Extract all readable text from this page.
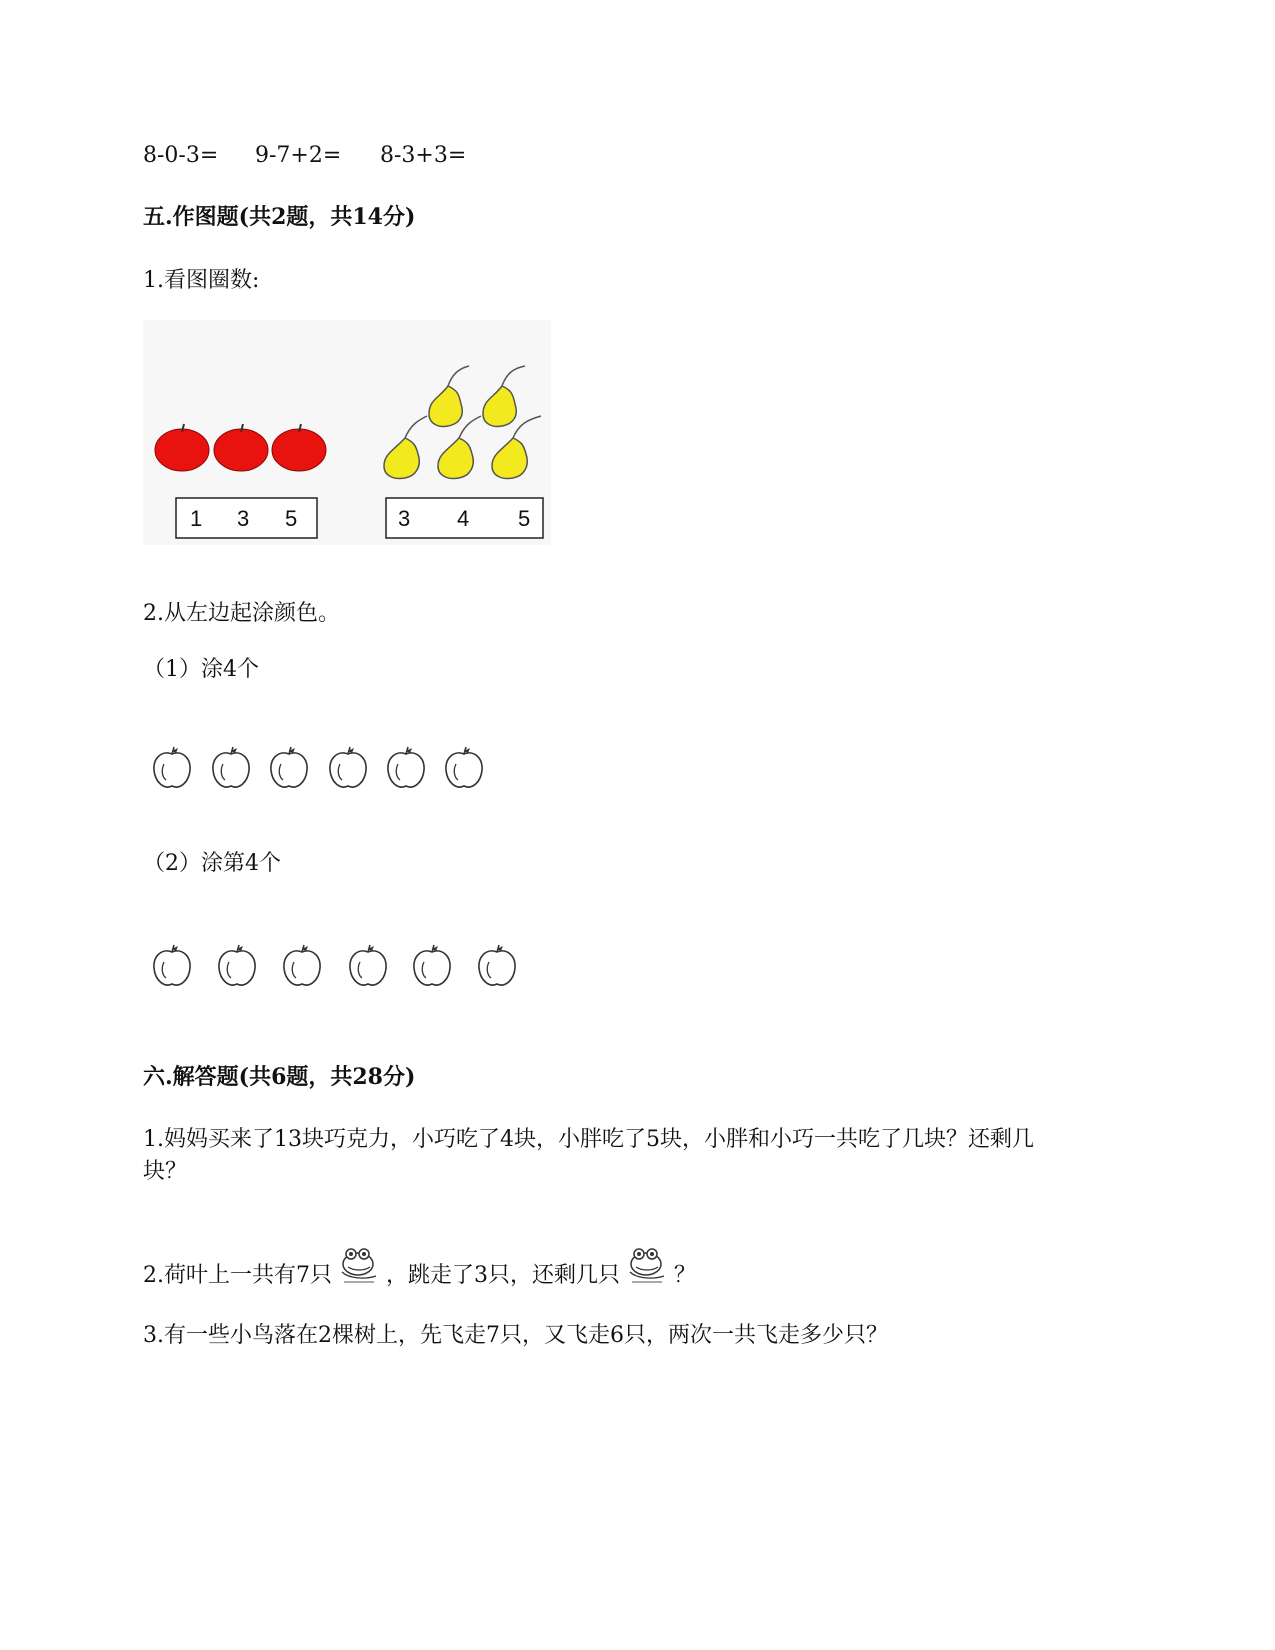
8-0-3= 9-7+2= 8-3+3=
五.作图题(共2题，共14分)
1.看图圈数:
1 3 5	3 4 5
2.从左边起涂颜色。
（1）涂4个
（2）涂第4个
六.解答题(共6题，共28分)
1.妈妈买来了13块巧克力，小巧吃了4块，小胖吃了5块，小胖和小巧一共吃了几块？还剩几块？
2.荷叶上一共有7只 ，跳走了3只，还剩几只 ？
3.有一些小鸟落在2棵树上，先飞走7只，又飞走6只，两次一共飞走多少只？
